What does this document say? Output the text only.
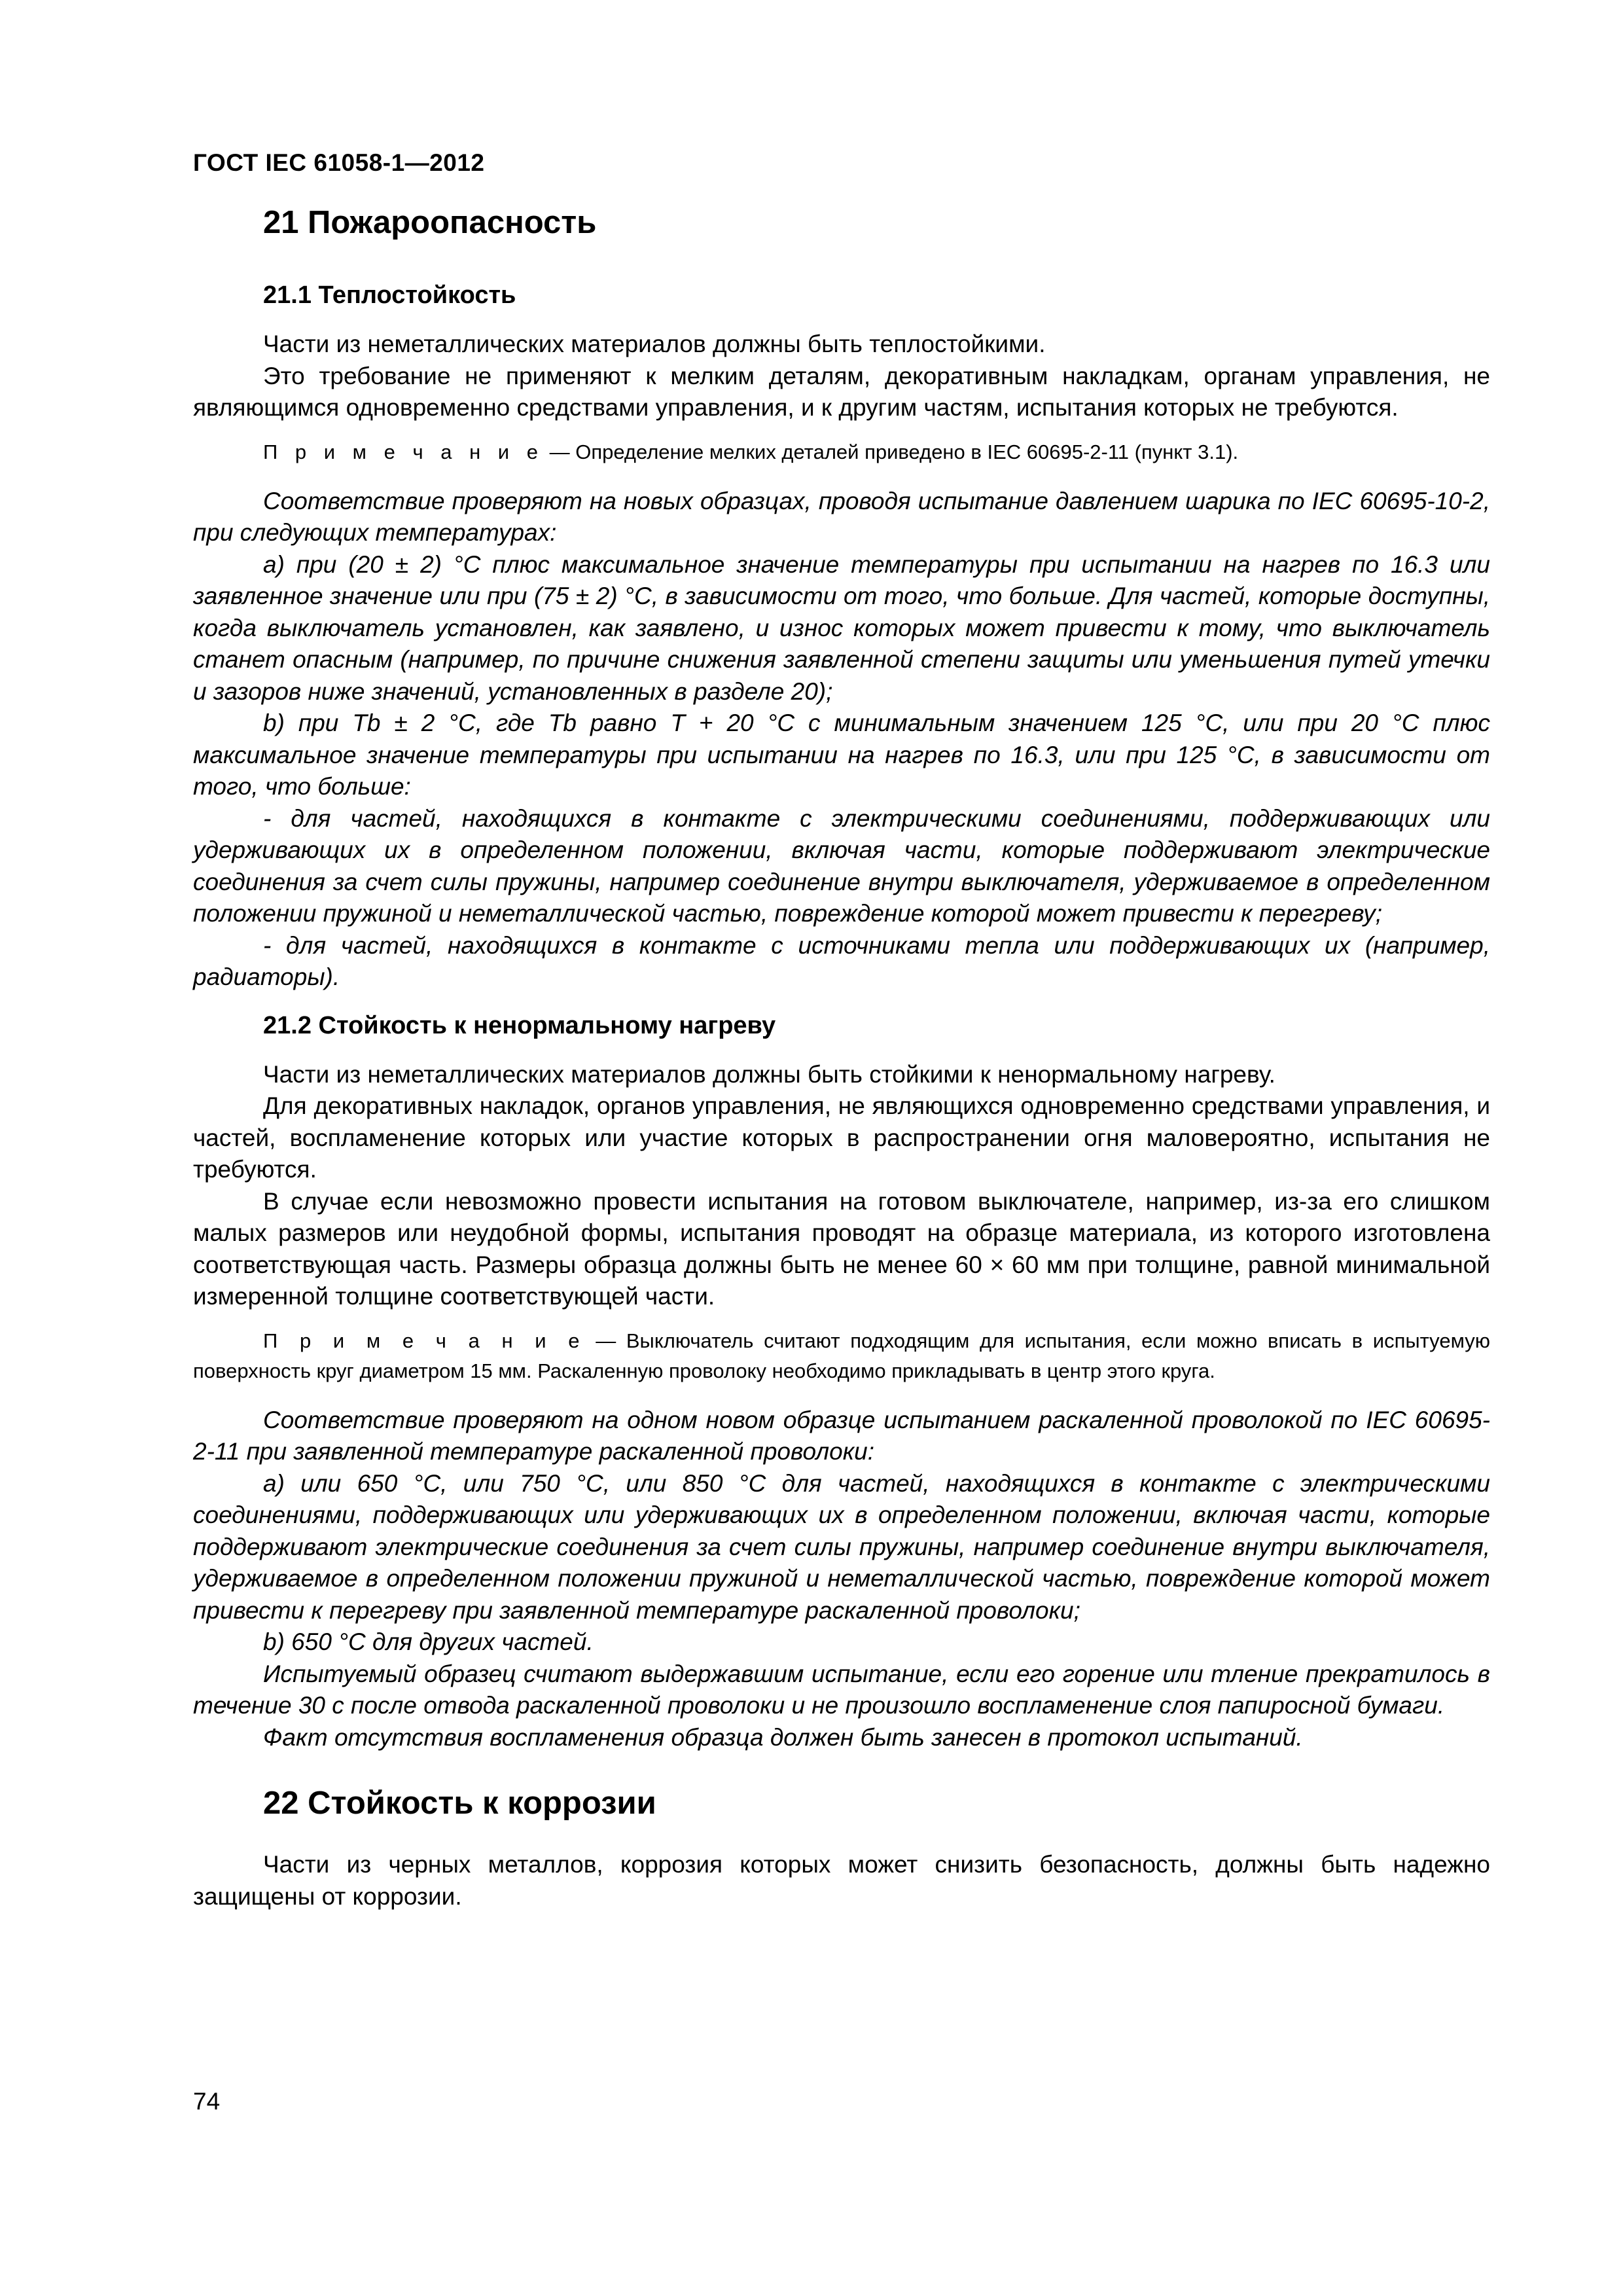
ГОСТ IEC 61058-1—2012
21 Пожароопасность
21.1 Теплостойкость

Части из неметаллических материалов должны быть теплостойкими.

Это требование не применяют к мелким деталям, декоративным накладкам, органам управления, не являющимся одновременно средствами управления, и к другим частям, испытания которых не требуются.

П р и м е ч а н и е — Определение мелких деталей приведено в IEC 60695-2-11 (пункт 3.1).

Соответствие проверяют на новых образцах, проводя испытание давлением шарика по IEC 60695-10-2, при следующих температурах:

a) при (20 ± 2) °С плюс максимальное значение температуры при испытании на нагрев по 16.3 или заявленное значение или при (75 ± 2) °С, в зависимости от того, что больше. Для частей, которые доступны, когда выключатель установлен, как заявлено, и износ которых может привести к тому, что выключатель станет опасным (например, по причине снижения заявленной степени защиты или уменьшения путей утечки и зазоров ниже значений, установленных в разделе 20);

b) при Tb ± 2 °С, где Tb равно T + 20 °С с минимальным значением 125 °С, или при 20 °С плюс максимальное значение температуры при испытании на нагрев по 16.3, или при 125 °С, в зависимости от того, что больше:

- для частей, находящихся в контакте с электрическими соединениями, поддерживающих или удерживающих их в определенном положении, включая части, которые поддерживают электрические соединения за счет силы пружины, например соединение внутри выключателя, удерживаемое в определенном положении пружиной и неметаллической частью, повреждение которой может привести к перегреву;

- для частей, находящихся в контакте с источниками тепла или поддерживающих их (например, радиаторы).

21.2 Стойкость к ненормальному нагреву

Части из неметаллических материалов должны быть стойкими к ненормальному нагреву.

Для декоративных накладок, органов управления, не являющихся одновременно средствами управления, и частей, воспламенение которых или участие которых в распространении огня маловероятно, испытания не требуются.

В случае если невозможно провести испытания на готовом выключателе, например, из-за его слишком малых размеров или неудобной формы, испытания проводят на образце материала, из которого изготовлена соответствующая часть. Размеры образца должны быть не менее 60 × 60 мм при толщине, равной минимальной измеренной толщине соответствующей части.

П р и м е ч а н и е — Выключатель считают подходящим для испытания, если можно вписать в испытуемую поверхность круг диаметром 15 мм. Раскаленную проволоку необходимо прикладывать в центр этого круга.

Соответствие проверяют на одном новом образце испытанием раскаленной проволокой по IEC 60695-2-11 при заявленной температуре раскаленной проволоки:

a) или 650 °С, или 750 °С, или 850 °С для частей, находящихся в контакте с электрическими соединениями, поддерживающих или удерживающих их в определенном положении, включая части, которые поддерживают электрические соединения за счет силы пружины, например соединение внутри выключателя, удерживаемое в определенном положении пружиной и неметаллической частью, повреждение которой может привести к перегреву при заявленной температуре раскаленной проволоки;

b) 650 °С для других частей.

Испытуемый образец считают выдержавшим испытание, если его горение или тление прекратилось в течение 30 с после отвода раскаленной проволоки и не произошло воспламенение слоя папиросной бумаги.

Факт отсутствия воспламенения образца должен быть занесен в протокол испытаний.

22 Стойкость к коррозии

Части из черных металлов, коррозия которых может снизить безопасность, должны быть надежно защищены от коррозии.

74
